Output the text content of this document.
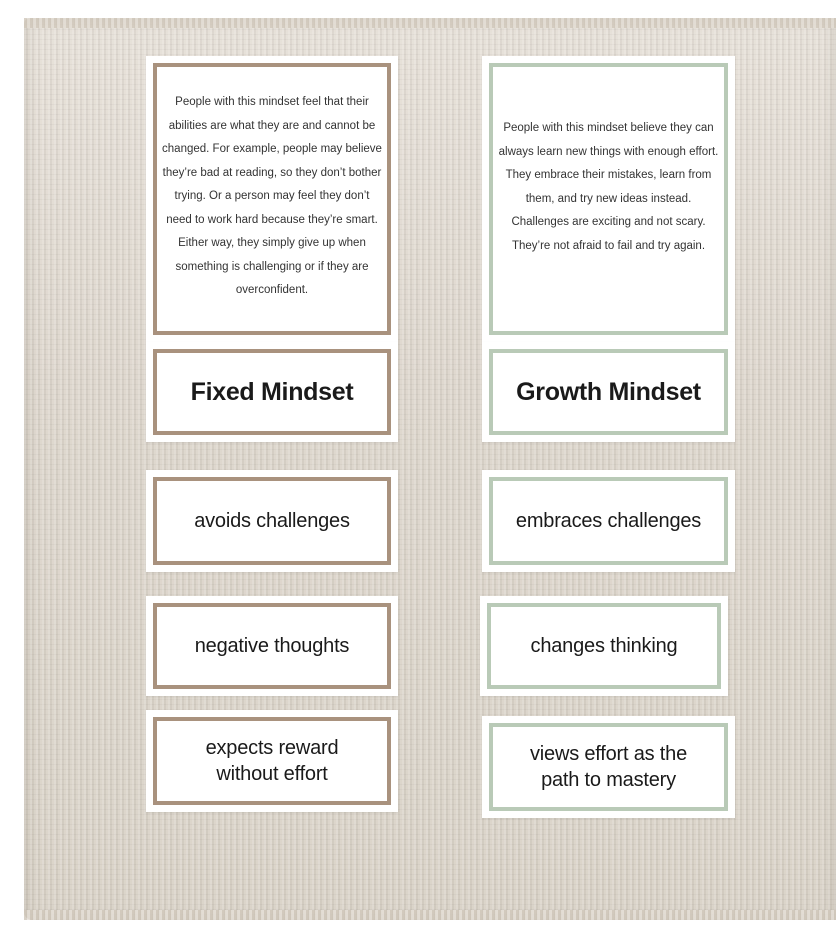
People with this mindset feel that their abilities are what they are and cannot be changed. For example, people may believe they’re bad at reading, so they don’t bother trying. Or a person may feel they don’t need to work hard because they’re smart. Either way, they simply give up when something is challenging or if they are overconfident.
Fixed Mindset
avoids challenges
negative thoughts
expects reward without effort
People with this mindset believe they can always learn new things with enough effort. They embrace their mistakes, learn from them, and try new ideas instead. Challenges are exciting and not scary. They’re not afraid to fail and try again.
Growth Mindset
embraces challenges
changes thinking
views effort as the path to mastery
